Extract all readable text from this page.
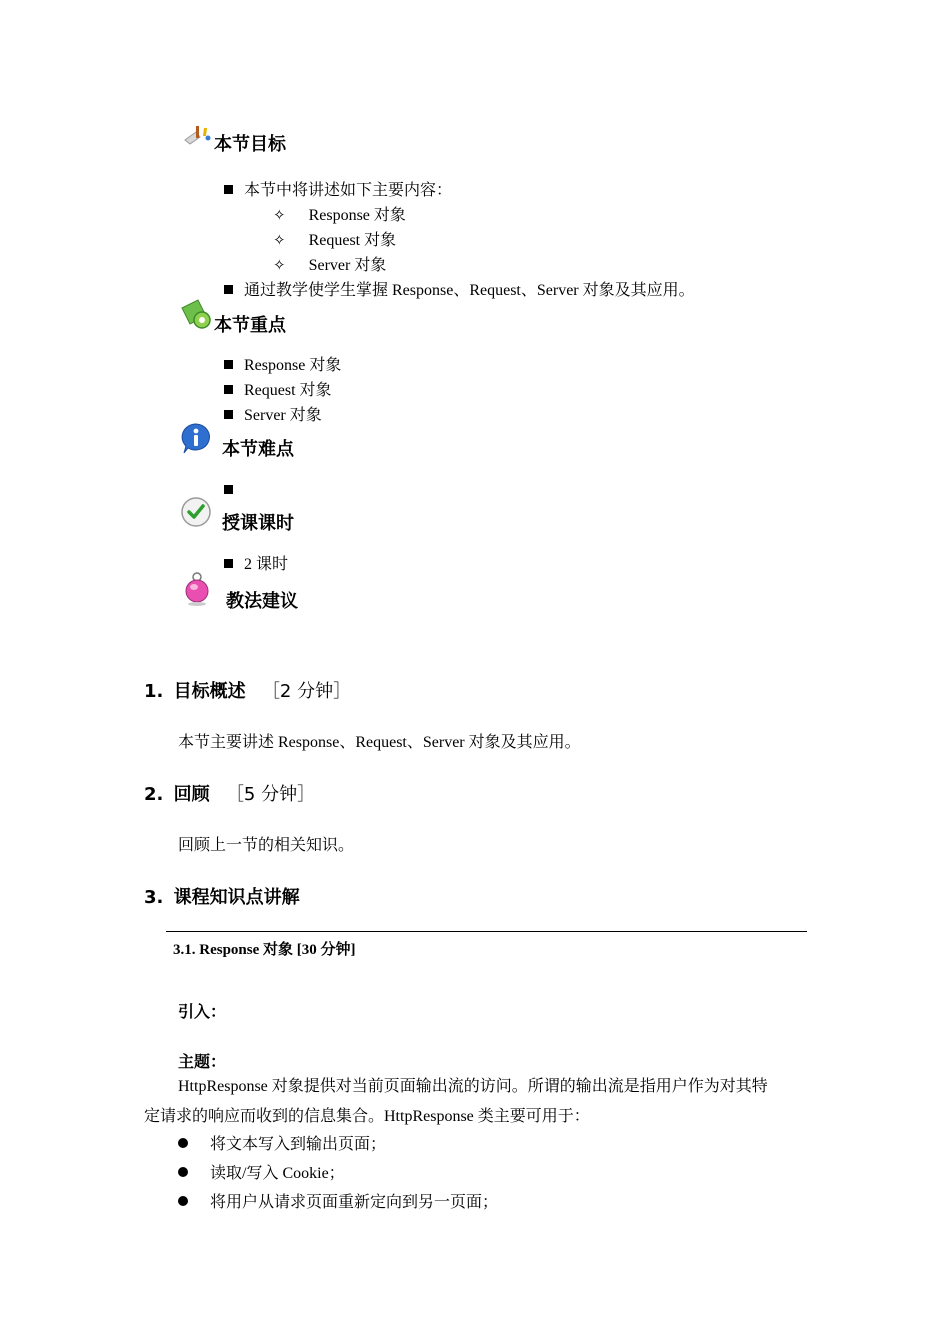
本节目标
本节中将讲述如下主要内容：
✧ Response 对象
✧ Request 对象
✧ Server 对象
通过教学使学生掌握 Response、Request、Server 对象及其应用。
本节重点
Response 对象
Request 对象
Server 对象
本节难点
授课课时
2 课时
教法建议
1. 目标概述 ［2 分钟］
本节主要讲述 Response、Request、Server 对象及其应用。
2. 回顾 ［5 分钟］
回顾上一节的相关知识。
3. 课程知识点讲解
3.1. Response 对象 [30 分钟]
引入：
主题：
HttpResponse 对象提供对当前页面输出流的访问。所谓的输出流是指用户作为对其特
定请求的响应而收到的信息集合。HttpResponse 类主要可用于：
将文本写入到输出页面；
读取/写入 Cookie；
将用户从请求页面重新定向到另一页面；
